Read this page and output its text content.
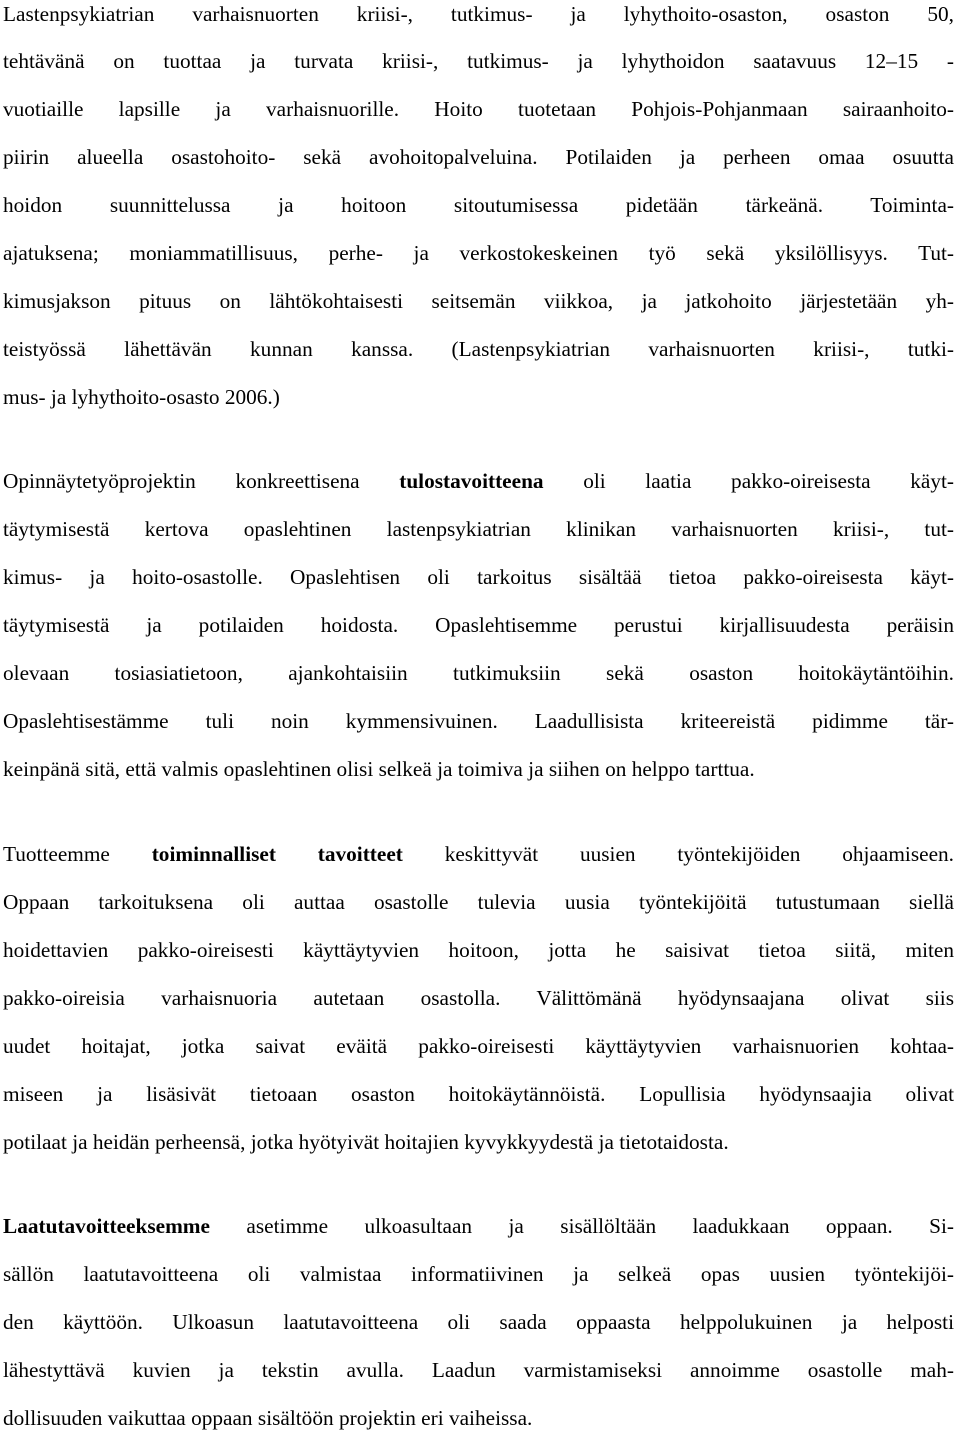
Lastenpsykiatrian varhaisnuorten kriisi-, tutkimus- ja lyhythoito-osaston, osaston 50,
tehtävänä on tuottaa ja turvata kriisi-, tutkimus- ja lyhythoidon saatavuus 12–15 -
vuotiaille lapsille ja varhaisnuorille. Hoito tuotetaan Pohjois-Pohjanmaan sairaanhoito-
piirin alueella osastohoito- sekä avohoitopalveluina. Potilaiden ja perheen omaa osuutta
hoidon suunnittelussa ja hoitoon sitoutumisessa pidetään tärkeänä. Toiminta-
ajatuksena; moniammatillisuus, perhe- ja verkostokeskeinen työ sekä yksilöllisyys. Tut-
kimusjakson pituus on lähtökohtaisesti seitsemän viikkoa, ja jatkohoito järjestetään yh-
teistyössä lähettävän kunnan kanssa. (Lastenpsykiatrian varhaisnuorten kriisi-, tutki-
mus- ja lyhythoito-osasto 2006.)
Opinnäytetyöprojektin konkreettisena tulostavoitteena oli laatia pakko-oireisesta käyt-
täytymisestä kertova opaslehtinen lastenpsykiatrian klinikan varhaisnuorten kriisi-, tut-
kimus- ja hoito-osastolle. Opaslehtisen oli tarkoitus sisältää tietoa pakko-oireisesta käyt-
täytymisestä ja potilaiden hoidosta. Opaslehtisemme perustui kirjallisuudesta peräisin
olevaan tosiasiatietoon, ajankohtaisiin tutkimuksiin sekä osaston hoitokäytäntöihin.
Opaslehtisestämme tuli noin kymmensivuinen. Laadullisista kriteereistä pidimme tär-
keinpänä sitä, että valmis opaslehtinen olisi selkeä ja toimiva ja siihen on helppo tarttua.
Tuotteemme toiminnalliset tavoitteet keskittyvät uusien työntekijöiden ohjaamiseen.
Oppaan tarkoituksena oli auttaa osastolle tulevia uusia työntekijöitä tutustumaan siellä
hoidettavien pakko-oireisesti käyttäytyvien hoitoon, jotta he saisivat tietoa siitä, miten
pakko-oireisia varhaisnuoria autetaan osastolla. Välittömänä hyödynsaajana olivat siis
uudet hoitajat, jotka saivat eväitä pakko-oireisesti käyttäytyvien varhaisnuorien kohtaa-
miseen ja lisäsivät tietoaan osaston hoitokäytännöistä. Lopullisia hyödynsaajia olivat
potilaat ja heidän perheensä, jotka hyötyivät hoitajien kyvykkyydestä ja tietotaidosta.
Laatutavoitteeksemme asetimme ulkoasultaan ja sisällöltään laadukkaan oppaan. Si-
sällön laatutavoitteena oli valmistaa informatiivinen ja selkeä opas uusien työntekijöi-
den käyttöön. Ulkoasun laatutavoitteena oli saada oppaasta helppolukuinen ja helposti
lähestyttävä kuvien ja tekstin avulla. Laadun varmistamiseksi annoimme osastolle mah-
dollisuuden vaikuttaa oppaan sisältöön projektin eri vaiheissa.
